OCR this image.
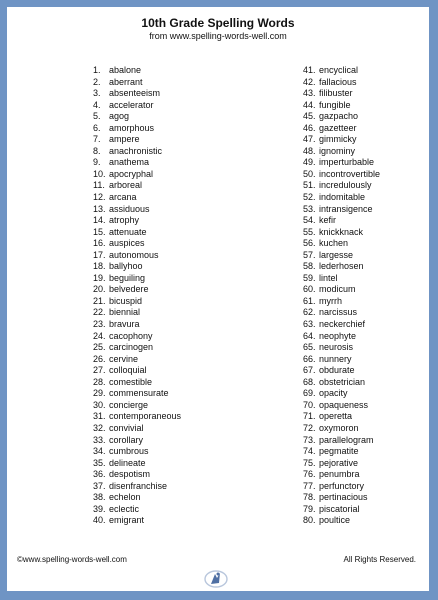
10th Grade Spelling Words
from www.spelling-words-well.com
1. abalone
2. aberrant
3. absenteeism
4. accelerator
5. agog
6. amorphous
7. ampere
8. anachronistic
9. anathema
10. apocryphal
11. arboreal
12. arcana
13. assiduous
14. atrophy
15. attenuate
16. auspices
17. autonomous
18. ballyhoo
19. beguiling
20. belvedere
21. bicuspid
22. biennial
23. bravura
24. cacophony
25. carcinogen
26. cervine
27. colloquial
28. comestible
29. commensurate
30. concierge
31. contemporaneous
32. convivial
33. corollary
34. cumbrous
35. delineate
36. despotism
37. disenfranchise
38. echelon
39. eclectic
40. emigrant
41. encyclical
42. fallacious
43. filibuster
44. fungible
45. gazpacho
46. gazetteer
47. gimmicky
48. ignominy
49. imperturbable
50. incontrovertible
51. incredulously
52. indomitable
53. intransigence
54. kefir
55. knickknack
56. kuchen
57. largesse
58. lederhosen
59. lintel
60. modicum
61. myrrh
62. narcissus
63. neckerchief
64. neophyte
65. neurosis
66. nunnery
67. obdurate
68. obstetrician
69. opacity
70. opaqueness
71. operetta
72. oxymoron
73. parallelogram
74. pegmatite
75. pejorative
76. penumbra
77. perfunctory
78. pertinacious
79. piscatorial
80. poultice
©www.spelling-words-well.com	All Rights Reserved.
